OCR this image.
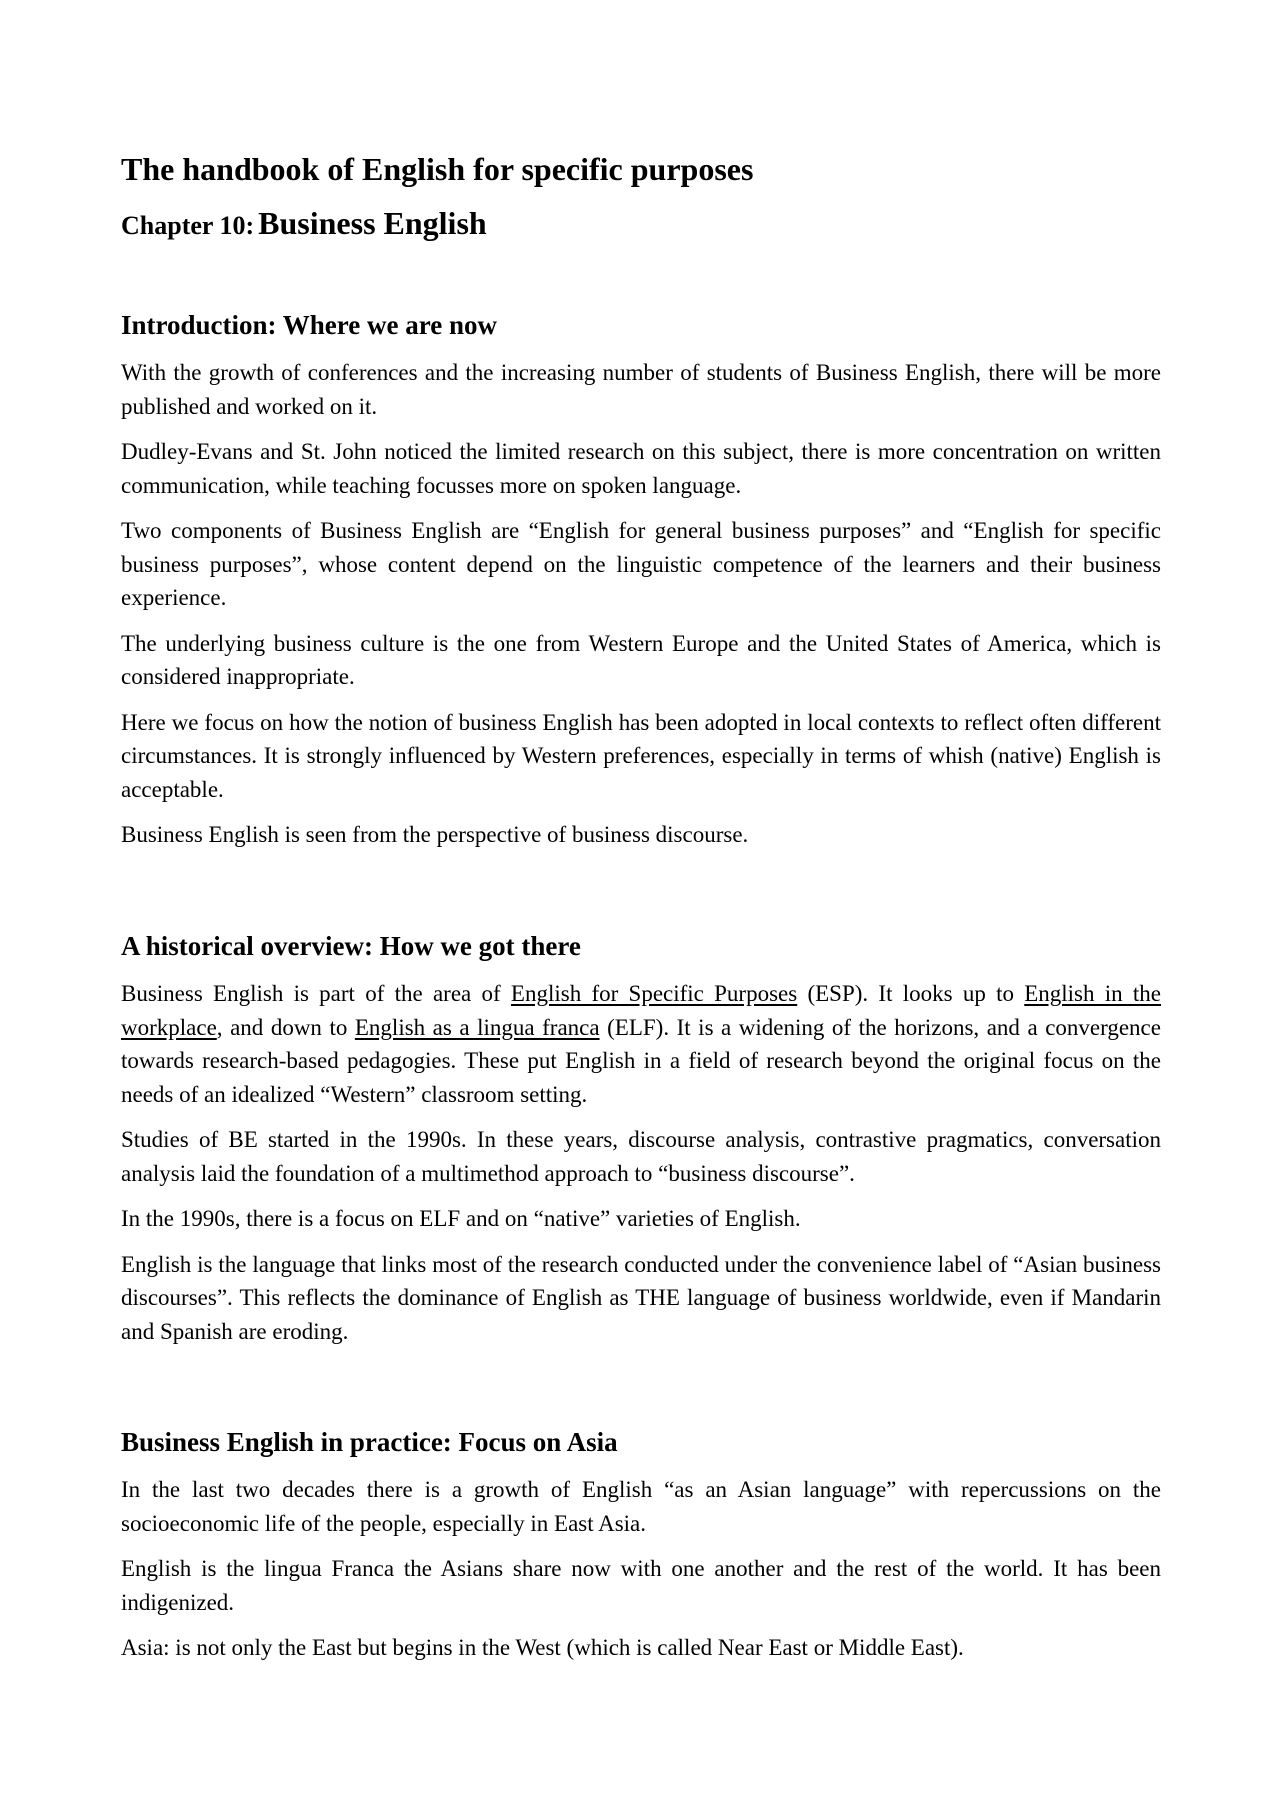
The handbook of English for specific purposes
Chapter 10: Business English
Introduction: Where we are now

With the growth of conferences and the increasing number of students of Business English, there will be more published and worked on it.

Dudley-Evans and St. John noticed the limited research on this subject, there is more concentration on written communication, while teaching focusses more on spoken language.

Two components of Business English are “English for general business purposes” and “English for specific business purposes”, whose content depend on the linguistic competence of the learners and their business experience.

The underlying business culture is the one from Western Europe and the United States of America, which is considered inappropriate.

Here we focus on how the notion of business English has been adopted in local contexts to reflect often different circumstances. It is strongly influenced by Western preferences, especially in terms of whish (native) English is acceptable.

Business English is seen from the perspective of business discourse.

A historical overview: How we got there

Business English is part of the area of English for Specific Purposes (ESP). It looks up to English in the workplace, and down to English as a lingua franca (ELF). It is a widening of the horizons, and a convergence towards research-based pedagogies. These put English in a field of research beyond the original focus on the needs of an idealized “Western” classroom setting.

Studies of BE started in the 1990s. In these years, discourse analysis, contrastive pragmatics, conversation analysis laid the foundation of a multimethod approach to “business discourse”.

In the 1990s, there is a focus on ELF and on “native” varieties of English.

English is the language that links most of the research conducted under the convenience label of “Asian business discourses”. This reflects the dominance of English as THE language of business worldwide, even if Mandarin and Spanish are eroding.

Business English in practice: Focus on Asia

In the last two decades there is a growth of English “as an Asian language” with repercussions on the socioeconomic life of the people, especially in East Asia.

English is the lingua Franca the Asians share now with one another and the rest of the world. It has been indigenized.

Asia: is not only the East but begins in the West (which is called Near East or Middle East).
